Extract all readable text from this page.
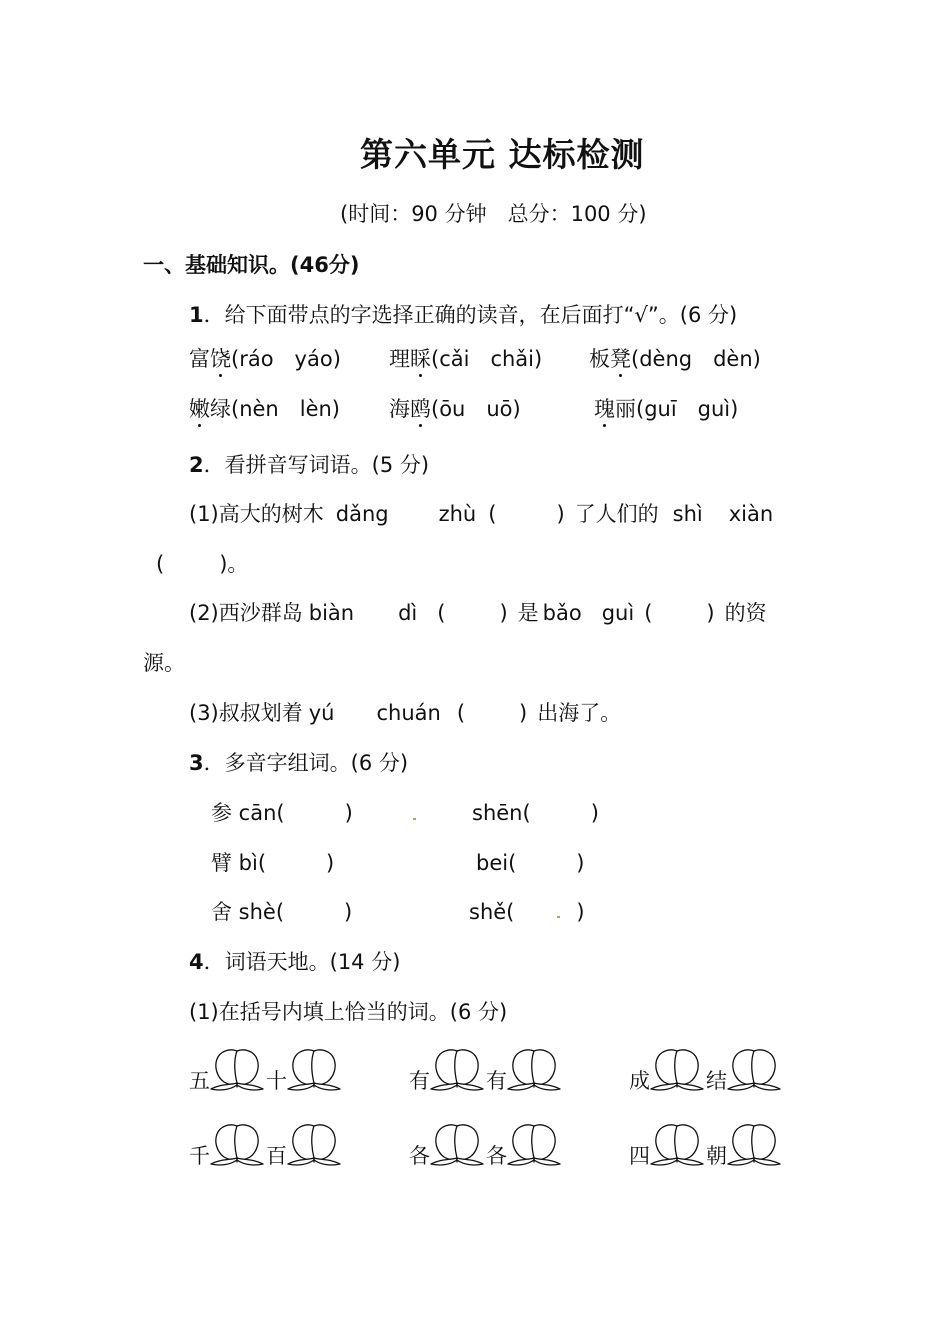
第六单元 达标检测
(时间：90 分钟　总分：100 分)
一、基础知识。(46分)
1．给下面带点的字选择正确的读音，在后面打“√”。(6 分)
富饶(ráo　yáo) 理睬(cǎi　chǎi) 板凳(dèng　dèn)
嫩绿(nèn　lèn) 海鸥(ōu　uō)	瑰丽(guī　guì)
2．看拼音写词语。(5 分)
(1)高大的树木 dǎng zhù (	) 了人们的 shì xiàn
(	)。
(2)西沙群岛 biàn dì (	) 是 bǎo guì (	) 的资
源。
(3)叔叔划着 yú chuán (	) 出海了。
3．多音字组词。(6 分)
参 cān(	)	shēn(	)
臂 bì(	)	bei(	)
舍 shè(	)	shě(	)
4．词语天地。(14 分)
(1)在括号内填上恰当的词。(6 分)
五	十	有	有	成	结
千	百	各	各	四	朝
